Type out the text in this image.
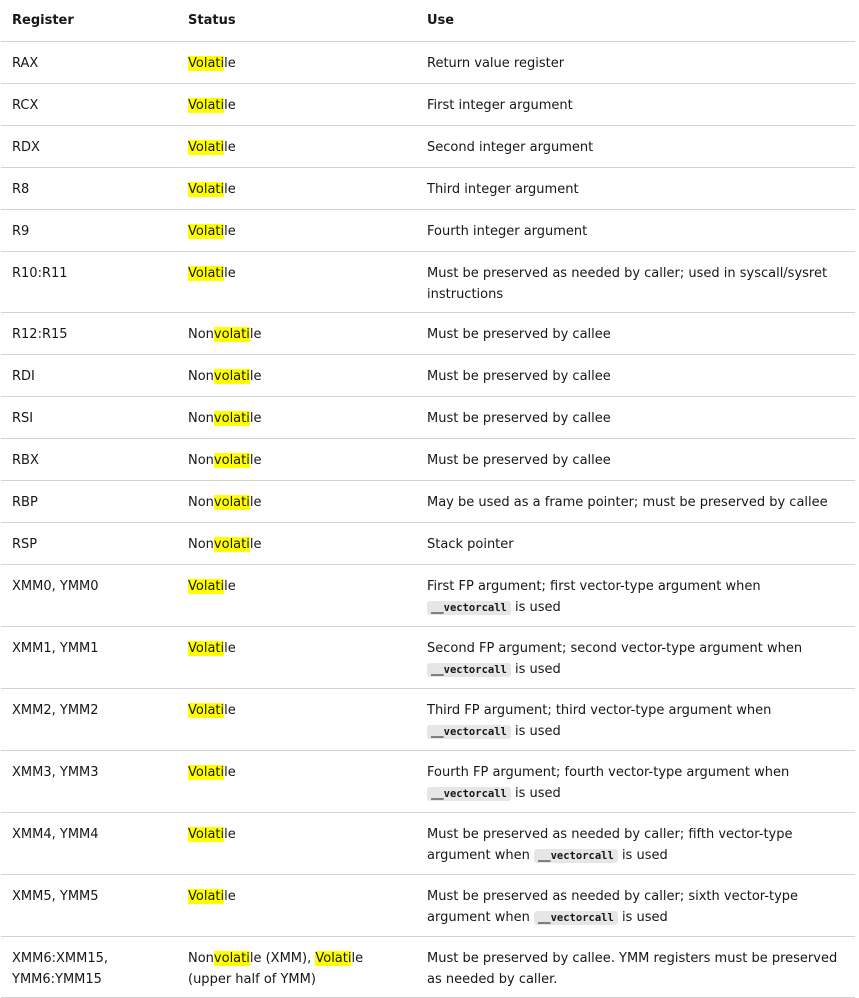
Register	Status	Use
RAX	Volatile	Return value register
RCX	Volatile	First integer argument
RDX	Volatile	Second integer argument
R8	Volatile	Third integer argument
R9	Volatile	Fourth integer argument
R10:R11	Volatile	Must be preserved as needed by caller; used in syscall/sysret instructions
R12:R15	Nonvolatile	Must be preserved by callee
RDI	Nonvolatile	Must be preserved by callee
RSI	Nonvolatile	Must be preserved by callee
RBX	Nonvolatile	Must be preserved by callee
RBP	Nonvolatile	May be used as a frame pointer; must be preserved by callee
RSP	Nonvolatile	Stack pointer
XMM0, YMM0	Volatile	First FP argument; first vector-type argument when __vectorcall is used
XMM1, YMM1	Volatile	Second FP argument; second vector-type argument when __vectorcall is used
XMM2, YMM2	Volatile	Third FP argument; third vector-type argument when __vectorcall is used
XMM3, YMM3	Volatile	Fourth FP argument; fourth vector-type argument when __vectorcall is used
XMM4, YMM4	Volatile	Must be preserved as needed by caller; fifth vector-type argument when __vectorcall is used
XMM5, YMM5	Volatile	Must be preserved as needed by caller; sixth vector-type argument when __vectorcall is used
XMM6:XMM15, YMM6:YMM15	Nonvolatile (XMM), Volatile (upper half of YMM)	Must be preserved by callee. YMM registers must be preserved as needed by caller.
